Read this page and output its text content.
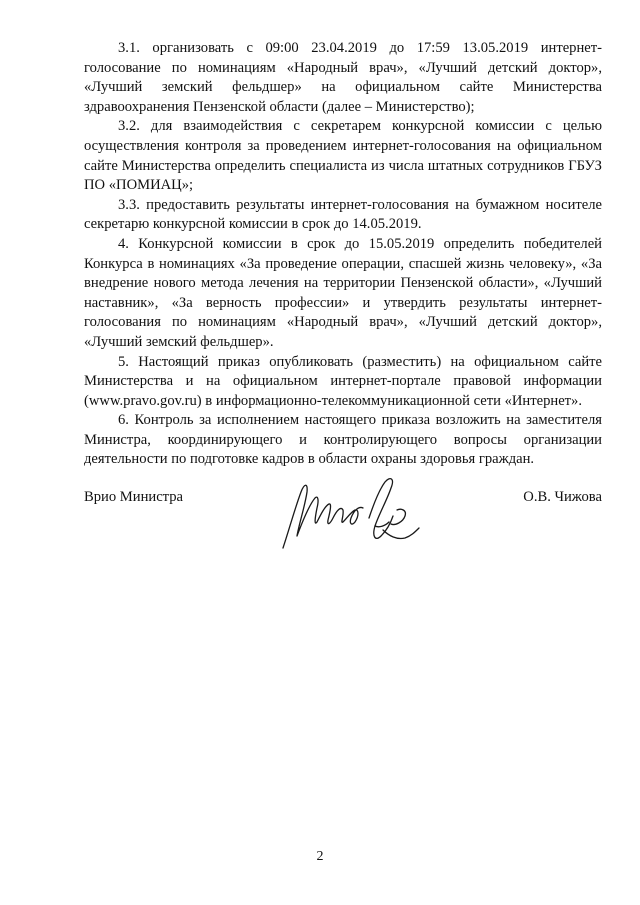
3.1. организовать с 09:00 23.04.2019 до 17:59 13.05.2019 интернет-голосование по номинациям «Народный врач», «Лучший детский доктор», «Лучший земский фельдшер» на официальном сайте Министерства здравоохранения Пензенской области (далее – Министерство);

3.2. для взаимодействия с секретарем конкурсной комиссии с целью осуществления контроля за проведением интернет-голосования на официальном сайте Министерства определить специалиста из числа штатных сотрудников ГБУЗ ПО «ПОМИАЦ»;

3.3. предоставить результаты интернет-голосования на бумажном носителе секретарю конкурсной комиссии в срок до 14.05.2019.

4. Конкурсной комиссии в срок до 15.05.2019 определить победителей Конкурса в номинациях «За проведение операции, спасшей жизнь человеку», «За внедрение нового метода лечения на территории Пензенской области», «Лучший наставник», «За верность профессии» и утвердить результаты интернет-голосования по номинациям «Народный врач», «Лучший детский доктор», «Лучший земский фельдшер».

5. Настоящий приказ опубликовать (разместить) на официальном сайте Министерства и на официальном интернет-портале правовой информации (www.pravo.gov.ru) в информационно-телекоммуникационной сети «Интернет».

6. Контроль за исполнением настоящего приказа возложить на заместителя Министра, координирующего и контролирующего вопросы организации деятельности по подготовке кадров в области охраны здоровья граждан.

Врио Министра	О.В. Чижова
2
